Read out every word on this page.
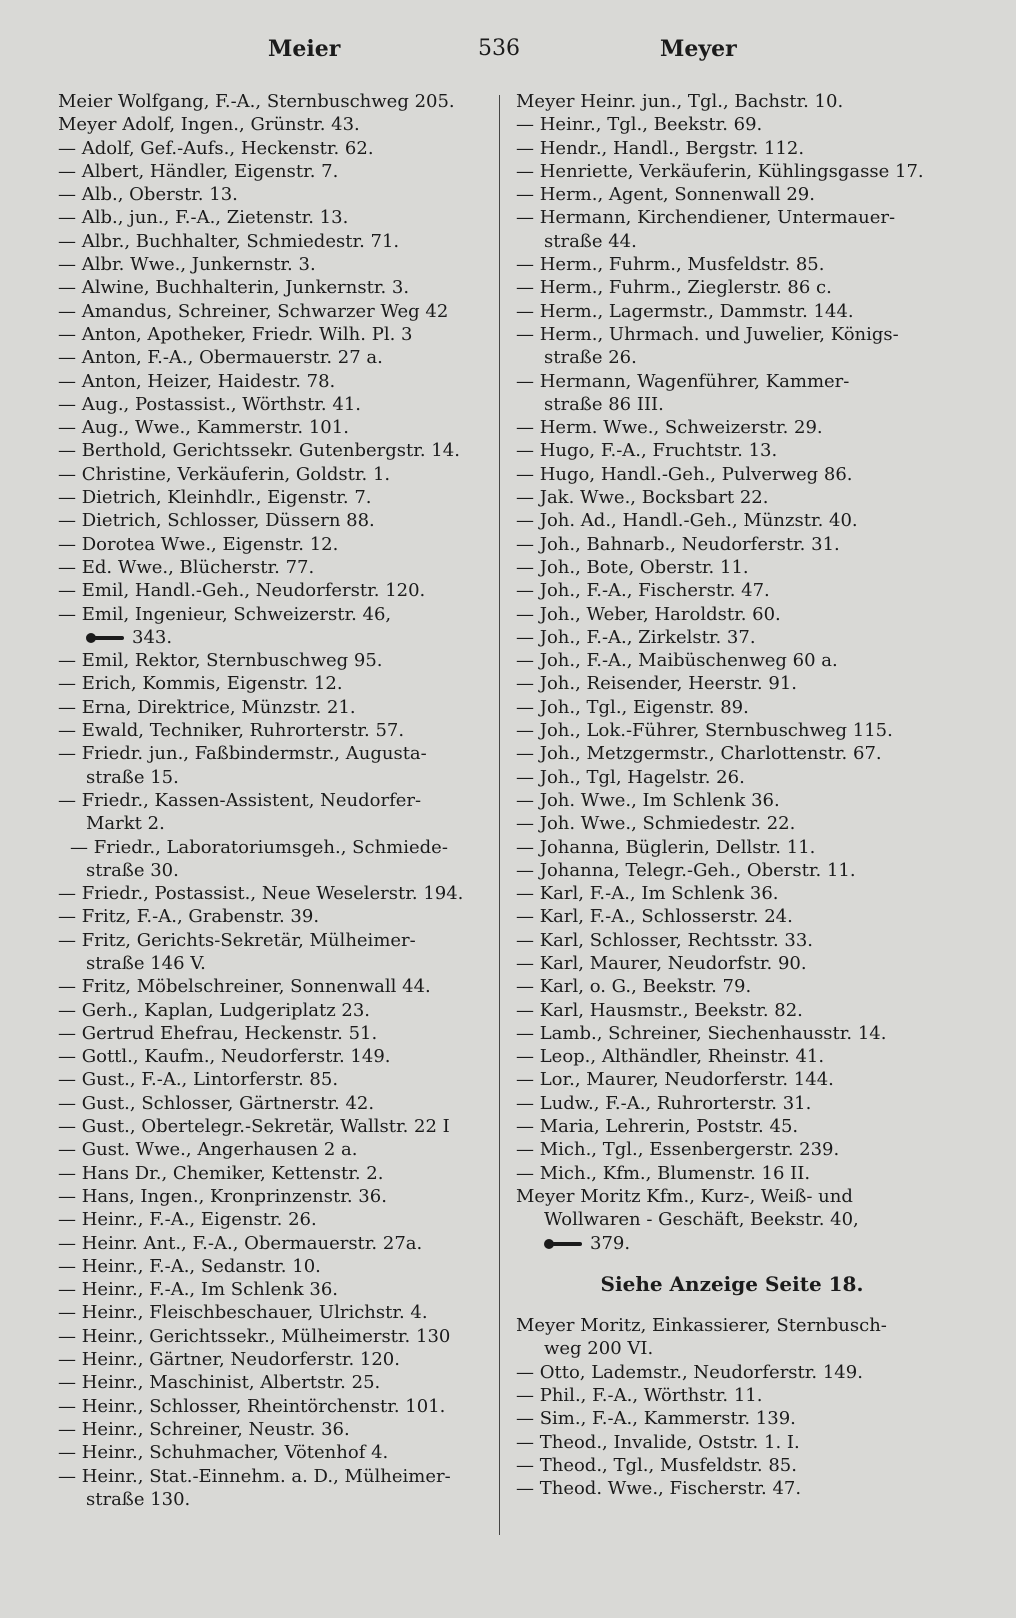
Meier	536	Meyer
Meier Wolfgang, F.-A., Sternbuschweg 205.
Meyer Adolf, Ingen., Grünstr. 43.
— Adolf, Gef.-Aufs., Heckenstr. 62.
— Albert, Händler, Eigenstr. 7.
— Alb., Oberstr. 13.
— Alb., jun., F.-A., Zietenstr. 13.
— Albr., Buchhalter, Schmiedestr. 71.
— Albr. Wwe., Junkernstr. 3.
— Alwine, Buchhalterin, Junkernstr. 3.
— Amandus, Schreiner, Schwarzer Weg 42
— Anton, Apotheker, Friedr. Wilh. Pl. 3
— Anton, F.-A., Obermauerstr. 27 a.
— Anton, Heizer, Haidestr. 78.
— Aug., Postassist., Wörthstr. 41.
— Aug., Wwe., Kammerstr. 101.
— Berthold, Gerichtssekr. Gutenbergstr. 14.
— Christine, Verkäuferin, Goldstr. 1.
— Dietrich, Kleinhdlr., Eigenstr. 7.
— Dietrich, Schlosser, Düssern 88.
— Dorotea Wwe., Eigenstr. 12.
— Ed. Wwe., Blücherstr. 77.
— Emil, Handl.-Geh., Neudorferstr. 120.
— Emil, Ingenieur, Schweizerstr. 46,
343.
— Emil, Rektor, Sternbuschweg 95.
— Erich, Kommis, Eigenstr. 12.
— Erna, Direktrice, Münzstr. 21.
— Ewald, Techniker, Ruhrorterstr. 57.
— Friedr. jun., Faßbindermstr., Augusta-
straße 15.
— Friedr., Kassen-Assistent, Neudorfer-
Markt 2.
— Friedr., Laboratoriumsgeh., Schmiede-
straße 30.
— Friedr., Postassist., Neue Weselerstr. 194.
— Fritz, F.-A., Grabenstr. 39.
— Fritz, Gerichts-Sekretär, Mülheimer-
straße 146 V.
— Fritz, Möbelschreiner, Sonnenwall 44.
— Gerh., Kaplan, Ludgeriplatz 23.
— Gertrud Ehefrau, Heckenstr. 51.
— Gottl., Kaufm., Neudorferstr. 149.
— Gust., F.-A., Lintorferstr. 85.
— Gust., Schlosser, Gärtnerstr. 42.
— Gust., Obertelegr.-Sekretär, Wallstr. 22 I
— Gust. Wwe., Angerhausen 2 a.
— Hans Dr., Chemiker, Kettenstr. 2.
— Hans, Ingen., Kronprinzenstr. 36.
— Heinr., F.-A., Eigenstr. 26.
— Heinr. Ant., F.-A., Obermauerstr. 27a.
— Heinr., F.-A., Sedanstr. 10.
— Heinr., F.-A., Im Schlenk 36.
— Heinr., Fleischbeschauer, Ulrichstr. 4.
— Heinr., Gerichtssekr., Mülheimerstr. 130
— Heinr., Gärtner, Neudorferstr. 120.
— Heinr., Maschinist, Albertstr. 25.
— Heinr., Schlosser, Rheintörchenstr. 101.
— Heinr., Schreiner, Neustr. 36.
— Heinr., Schuhmacher, Vötenhof 4.
— Heinr., Stat.-Einnehm. a. D., Mülheimer-
straße 130.
Meyer Heinr. jun., Tgl., Bachstr. 10.
— Heinr., Tgl., Beekstr. 69.
— Hendr., Handl., Bergstr. 112.
— Henriette, Verkäuferin, Kühlingsgasse 17.
— Herm., Agent, Sonnenwall 29.
— Hermann, Kirchendiener, Untermauer-
straße 44.
— Herm., Fuhrm., Musfeldstr. 85.
— Herm., Fuhrm., Zieglerstr. 86 c.
— Herm., Lagermstr., Dammstr. 144.
— Herm., Uhrmach. und Juwelier, Königs-
straße 26.
— Hermann, Wagenführer, Kammer-
straße 86 III.
— Herm. Wwe., Schweizerstr. 29.
— Hugo, F.-A., Fruchtstr. 13.
— Hugo, Handl.-Geh., Pulverweg 86.
— Jak. Wwe., Bocksbart 22.
— Joh. Ad., Handl.-Geh., Münzstr. 40.
— Joh., Bahnarb., Neudorferstr. 31.
— Joh., Bote, Oberstr. 11.
— Joh., F.-A., Fischerstr. 47.
— Joh., Weber, Haroldstr. 60.
— Joh., F.-A., Zirkelstr. 37.
— Joh., F.-A., Maibüschenweg 60 a.
— Joh., Reisender, Heerstr. 91.
— Joh., Tgl., Eigenstr. 89.
— Joh., Lok.-Führer, Sternbuschweg 115.
— Joh., Metzgermstr., Charlottenstr. 67.
— Joh., Tgl, Hagelstr. 26.
— Joh. Wwe., Im Schlenk 36.
— Joh. Wwe., Schmiedestr. 22.
— Johanna, Büglerin, Dellstr. 11.
— Johanna, Telegr.-Geh., Oberstr. 11.
— Karl, F.-A., Im Schlenk 36.
— Karl, F.-A., Schlosserstr. 24.
— Karl, Schlosser, Rechtsstr. 33.
— Karl, Maurer, Neudorfstr. 90.
— Karl, o. G., Beekstr. 79.
— Karl, Hausmstr., Beekstr. 82.
— Lamb., Schreiner, Siechenhausstr. 14.
— Leop., Althändler, Rheinstr. 41.
— Lor., Maurer, Neudorferstr. 144.
— Ludw., F.-A., Ruhrorterstr. 31.
— Maria, Lehrerin, Poststr. 45.
— Mich., Tgl., Essenbergerstr. 239.
— Mich., Kfm., Blumenstr. 16 II.
Meyer Moritz Kfm., Kurz-, Weiß- und
Wollwaren - Geschäft, Beekstr. 40,
379.
Siehe Anzeige Seite 18.
Meyer Moritz, Einkassierer, Sternbusch-
weg 200 VI.
— Otto, Lademstr., Neudorferstr. 149.
— Phil., F.-A., Wörthstr. 11.
— Sim., F.-A., Kammerstr. 139.
— Theod., Invalide, Oststr. 1. I.
— Theod., Tgl., Musfeldstr. 85.
— Theod. Wwe., Fischerstr. 47.
